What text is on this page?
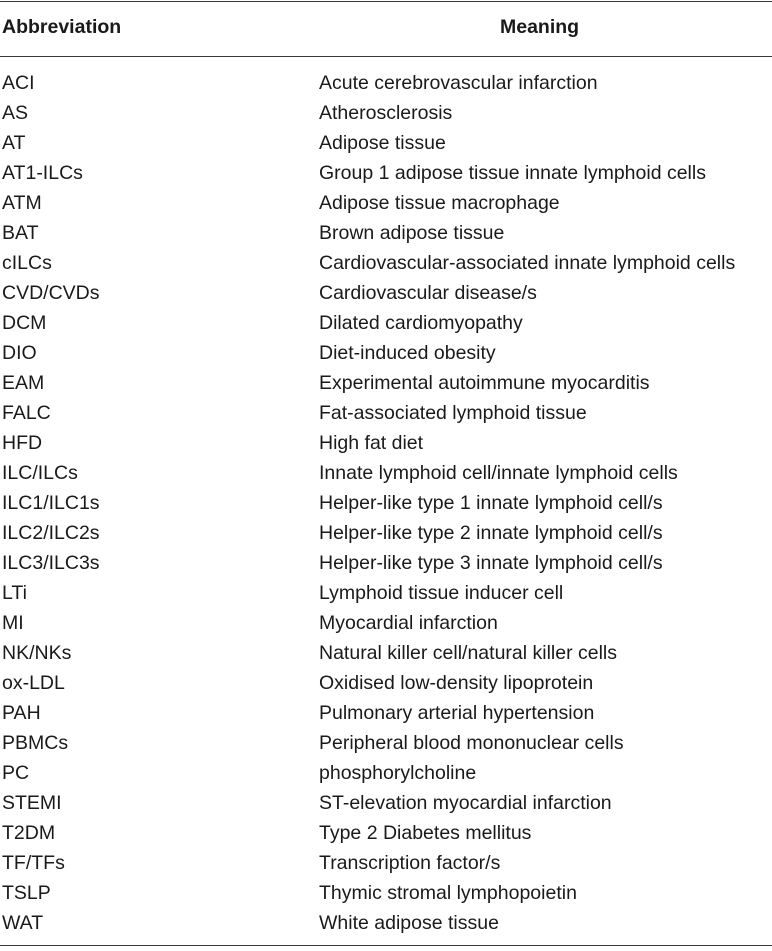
Abbreviation	Meaning
ACI	Acute cerebrovascular infarction
AS	Atherosclerosis
AT	Adipose tissue
AT1-ILCs	Group 1 adipose tissue innate lymphoid cells
ATM	Adipose tissue macrophage
BAT	Brown adipose tissue
cILCs	Cardiovascular-associated innate lymphoid cells
CVD/CVDs	Cardiovascular disease/s
DCM	Dilated cardiomyopathy
DIO	Diet-induced obesity
EAM	Experimental autoimmune myocarditis
FALC	Fat-associated lymphoid tissue
HFD	High fat diet
ILC/ILCs	Innate lymphoid cell/innate lymphoid cells
ILC1/ILC1s	Helper-like type 1 innate lymphoid cell/s
ILC2/ILC2s	Helper-like type 2 innate lymphoid cell/s
ILC3/ILC3s	Helper-like type 3 innate lymphoid cell/s
LTi	Lymphoid tissue inducer cell
MI	Myocardial infarction
NK/NKs	Natural killer cell/natural killer cells
ox-LDL	Oxidised low-density lipoprotein
PAH	Pulmonary arterial hypertension
PBMCs	Peripheral blood mononuclear cells
PC	phosphorylcholine
STEMI	ST-elevation myocardial infarction
T2DM	Type 2 Diabetes mellitus
TF/TFs	Transcription factor/s
TSLP	Thymic stromal lymphopoietin
WAT	White adipose tissue
